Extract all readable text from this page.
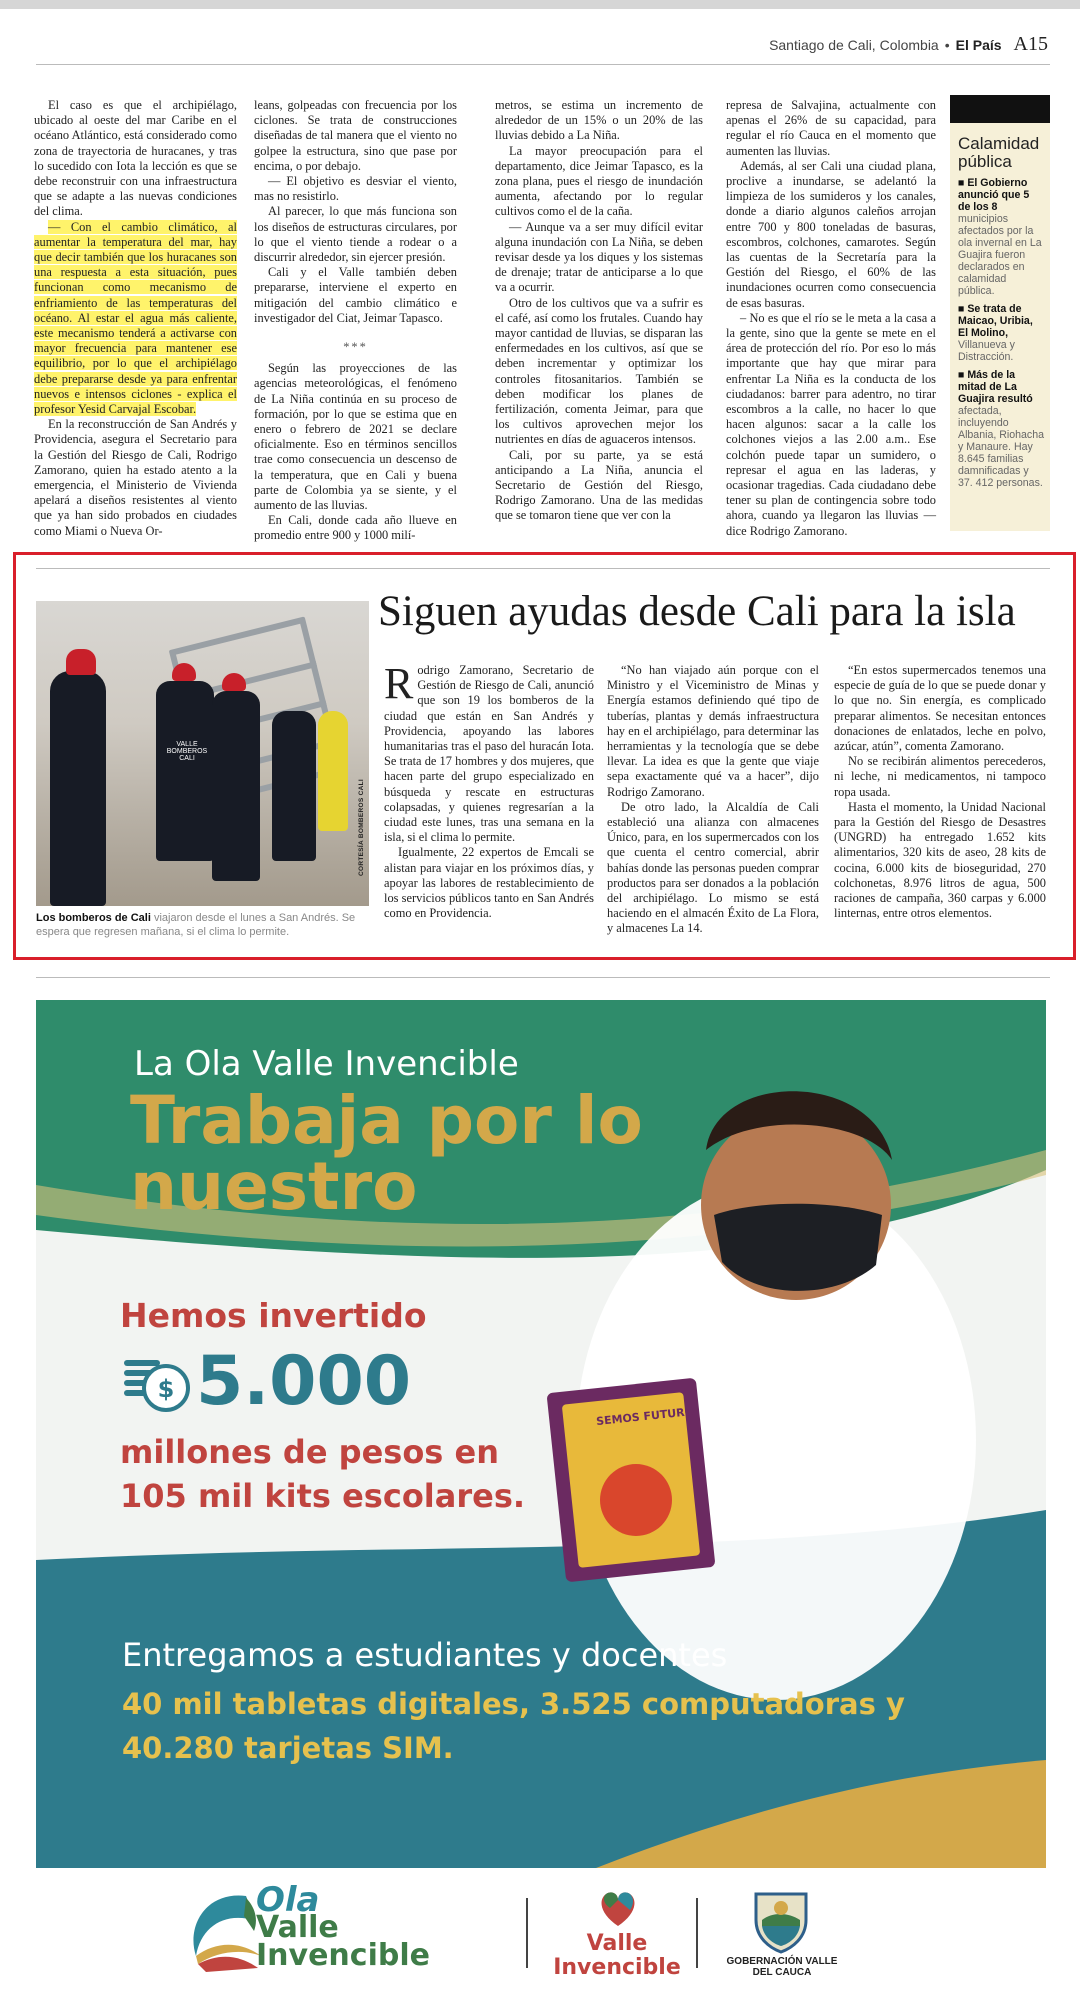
Santiago de Cali, Colombia • El País A15

El caso es que el archipiélago, ubicado al oeste del mar Caribe en el océano Atlántico, está considerado como zona de trayectoria de huracanes, y tras lo sucedido con Iota la lección es que se debe reconstruir con una infraestructura que se adapte a las nuevas condiciones del clima.

— Con el cambio climático, al aumentar la temperatura del mar, hay que decir también que los huracanes son una respuesta a esta situación, pues funcionan como mecanismo de enfriamiento de las temperaturas del océano. Al estar el agua más caliente, este mecanismo tenderá a activarse con mayor frecuencia para mantener ese equilibrio, por lo que el archipiélago debe prepararse desde ya para enfrentar nuevos e intensos ciclones - explica el profesor Yesid Carvajal Escobar.

En la reconstrucción de San Andrés y Providencia, asegura el Secretario para la Gestión del Riesgo de Cali, Rodrigo Zamorano, quien ha estado atento a la emergencia, el Ministerio de Vivienda apelará a diseños resistentes al viento que ya han sido probados en ciudades como Miami o Nueva Or-

leans, golpeadas con frecuencia por los ciclones. Se trata de construcciones diseñadas de tal manera que el viento no golpee la estructura, sino que pase por encima, o por debajo.

— El objetivo es desviar el viento, mas no resistirlo.

Al parecer, lo que más funciona son los diseños de estructuras circulares, por lo que el viento tiende a rodear o a discurrir alrededor, sin ejercer presión.

Cali y el Valle también deben prepararse, interviene el experto en mitigación del cambio climático e investigador del Ciat, Jeimar Tapasco.

***

Según las proyecciones de las agencias meteorológicas, el fenómeno de La Niña continúa en su proceso de formación, por lo que se estima que en enero o febrero de 2021 se declare oficialmente. Eso en términos sencillos trae como consecuencia un descenso de la temperatura, que en Cali y buena parte de Colombia ya se siente, y el aumento de las lluvias.

En Cali, donde cada año llueve en promedio entre 900 y 1000 milí-

metros, se estima un incremento de alrededor de un 15% o un 20% de las lluvias debido a La Niña.

La mayor preocupación para el departamento, dice Jeimar Tapasco, es la zona plana, pues el riesgo de inundación aumenta, afectando por lo regular cultivos como el de la caña.

— Aunque va a ser muy difícil evitar alguna inundación con La Niña, se deben revisar desde ya los diques y los sistemas de drenaje; tratar de anticiparse a lo que va a ocurrir.

Otro de los cultivos que va a sufrir es el café, así como los frutales. Cuando hay mayor cantidad de lluvias, se disparan las enfermedades en los cultivos, así que se deben incrementar y optimizar los controles fitosanitarios. También se deben modificar los planes de fertilización, comenta Jeimar, para que los cultivos aprovechen mejor los nutrientes en días de aguaceros intensos.

Cali, por su parte, ya se está anticipando a La Niña, anuncia el Secretario de Gestión del Riesgo, Rodrigo Zamorano. Una de las medidas que se tomaron tiene que ver con la

represa de Salvajina, actualmente con apenas el 26% de su capacidad, para regular el río Cauca en el momento que aumenten las lluvias.

Además, al ser Cali una ciudad plana, proclive a inundarse, se adelantó la limpieza de los sumideros y los canales, donde a diario algunos caleños arrojan entre 700 y 800 toneladas de basuras, escombros, colchones, camarotes. Según las cuentas de la Secretaría para la Gestión del Riesgo, el 60% de las inundaciones ocurren como consecuencia de esas basuras.

– No es que el río se le meta a la casa a la gente, sino que la gente se mete en el área de protección del río. Por eso lo más importante que hay que mirar para enfrentar La Niña es la conducta de los ciudadanos: barrer para adentro, no tirar escombros a la calle, no hacer lo que hacen algunos: sacar a la calle los colchones viejos a las 2.00 a.m.. Ese colchón puede tapar un sumidero, o represar el agua en las laderas, y ocasionar tragedias. Cada ciudadano debe tener su plan de contingencia sobre todo ahora, cuando ya llegaron las lluvias — dice Rodrigo Zamorano.

Calamidad pública
■ El Gobierno anunció que 5 de los 8 municipios afectados por la ola invernal en La Guajira fueron declarados en calamidad pública.
■ Se trata de Maicao, Uribia, El Molino, Villanueva y Distracción.
■ Más de la mitad de La Guajira resultó afectada, incluyendo Albania, Riohacha y Manaure. Hay 8.645 familias damnificadas y 37. 412 personas.
VALLE BOMBEROS CALI
CORTESÍA BOMBEROS CALI
Los bomberos de Cali viajaron desde el lunes a San Andrés. Se espera que regresen mañana, si el clima lo permite.
Siguen ayudas desde Cali para la isla

Rodrigo Zamorano, Secretario de Gestión de Riesgo de Cali, anunció que son 19 los bomberos de la ciudad que están en San Andrés y Providencia, apoyando las labores humanitarias tras el paso del huracán Iota. Se trata de 17 hombres y dos mujeres, que hacen parte del grupo especializado en búsqueda y rescate en estructuras colapsadas, y quienes regresarían a la ciudad este lunes, tras una semana en la isla, si el clima lo permite.

Igualmente, 22 expertos de Emcali se alistan para viajar en los próximos días, y apoyar las labores de restablecimiento de los servicios públicos tanto en San Andrés como en Providencia.

“No han viajado aún porque con el Ministro y el Viceministro de Minas y Energía estamos definiendo qué tipo de tuberías, plantas y demás infraestructura hay en el archipiélago, para determinar las herramientas y la tecnología que se debe llevar. La idea es que la gente que viaje sepa exactamente qué va a hacer”, dijo Rodrigo Zamorano.

De otro lado, la Alcaldía de Cali estableció una alianza con almacenes Único, para, en los supermercados con los que cuenta el centro comercial, abrir bahías donde las personas pueden comprar productos para ser donados a la población del archipiélago. Lo mismo se está haciendo en el almacén Éxito de La Flora, y almacenes La 14.

“En estos supermercados tenemos una especie de guía de lo que se puede donar y lo que no. Sin energía, es complicado preparar alimentos. Se necesitan entonces donaciones de enlatados, leche en polvo, azúcar, atún”, comenta Zamorano.

No se recibirán alimentos perecederos, ni leche, ni medicamentos, ni tampoco ropa usada.

Hasta el momento, la Unidad Nacional para la Gestión del Riesgo de Desastres (UNGRD) ha entregado 1.652 kits alimentarios, 320 kits de aseo, 28 kits de cocina, 6.000 kits de bioseguridad, 270 colchonetas, 8.976 litros de agua, 500 raciones de campaña, 360 carpas y 6.000 linternas, entre otros elementos.

La Ola Valle Invencible
Trabaja por lo nuestro
Hemos invertido
$ 5.000
millones de pesos en 105 mil kits escolares.
SEMOS FUTURO
Entregamos a estudiantes y docentes
40 mil tabletas digitales, 3.525 computadoras y 40.280 tarjetas SIM.
Ola
Valle
Invencible	Valle Invencible	GOBERNACIÓN VALLE DEL CAUCA
